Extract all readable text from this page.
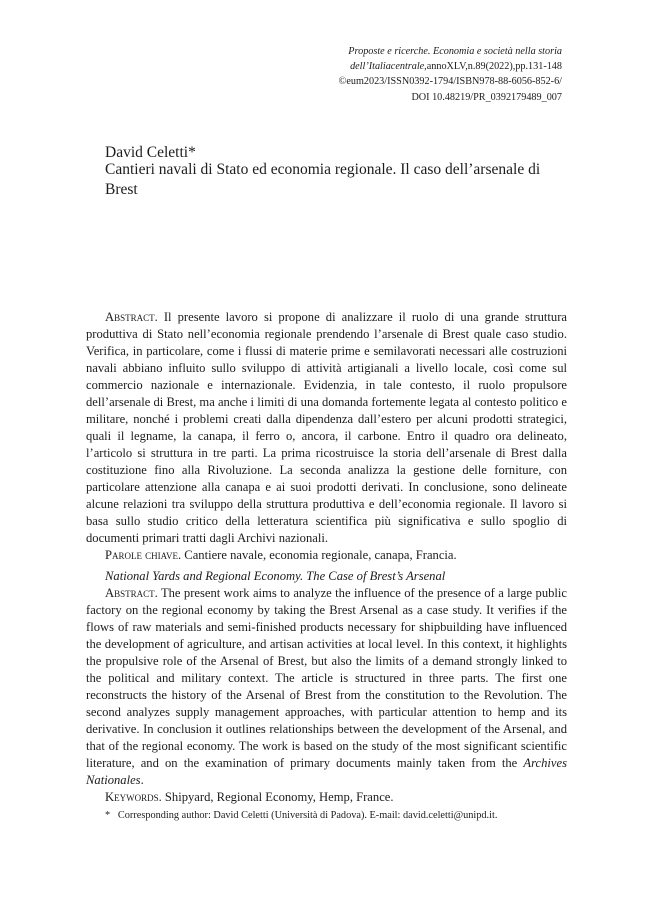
Proposte e ricerche. Economia e società nella storia
dell’Italiacentrale,annoXLV,n.89(2022),pp.131-148
©eum2023/ISSN0392-1794/ISBN978-88-6056-852-6/
DOI 10.48219/PR_0392179489_007
David Celetti*
Cantieri navali di Stato ed economia regionale. Il caso dell’arsenale di Brest

Abstract. Il presente lavoro si propone di analizzare il ruolo di una grande struttura produttiva di Stato nell’economia regionale prendendo l’arsenale di Brest quale caso studio. Verifica, in particolare, come i flussi di materie prime e semilavorati necessari alle costruzioni navali abbiano influito sullo sviluppo di attività artigianali a livello locale, così come sul commercio nazionale e internazionale. Evidenzia, in tale contesto, il ruolo propulsore dell’arsenale di Brest, ma anche i limiti di una domanda fortemente legata al contesto politico e militare, nonché i problemi creati dalla dipendenza dall’estero per alcuni prodotti strategici, quali il legname, la canapa, il ferro o, ancora, il carbone. Entro il quadro ora delineato, l’articolo si struttura in tre parti. La prima ricostruisce la storia dell’arsenale di Brest dalla costituzione fino alla Rivoluzione. La seconda analizza la gestione delle forniture, con particolare attenzione alla canapa e ai suoi prodotti derivati. In conclusione, sono delineate alcune relazioni tra sviluppo della struttura produttiva e dell’economia regionale. Il lavoro si basa sullo studio critico della letteratura scientifica più significativa e sullo spoglio di documenti primari tratti dagli Archivi nazionali.

Parole chiave. Cantiere navale, economia regionale, canapa, Francia.

National Yards and Regional Economy. The Case of Brest’s Arsenal

Abstract. The present work aims to analyze the influence of the presence of a large public factory on the regional economy by taking the Brest Arsenal as a case study. It verifies if the flows of raw materials and semi-finished products necessary for shipbuilding have influenced the development of agriculture, and artisan activities at local level. In this context, it highlights the propulsive role of the Arsenal of Brest, but also the limits of a demand strongly linked to the political and military context. The article is structured in three parts. The first one reconstructs the history of the Arsenal of Brest from the constitution to the Revolution. The second analyzes supply management approaches, with particular attention to hemp and its derivative. In conclusion it outlines relationships between the development of the Arsenal, and that of the regional economy. The work is based on the study of the most significant scientific literature, and on the examination of primary documents mainly taken from the Archives Nationales.

Keywords. Shipyard, Regional Economy, Hemp, France.

*  Corresponding author: David Celetti (Università di Padova). E-mail: david.celetti@unipd.it.
